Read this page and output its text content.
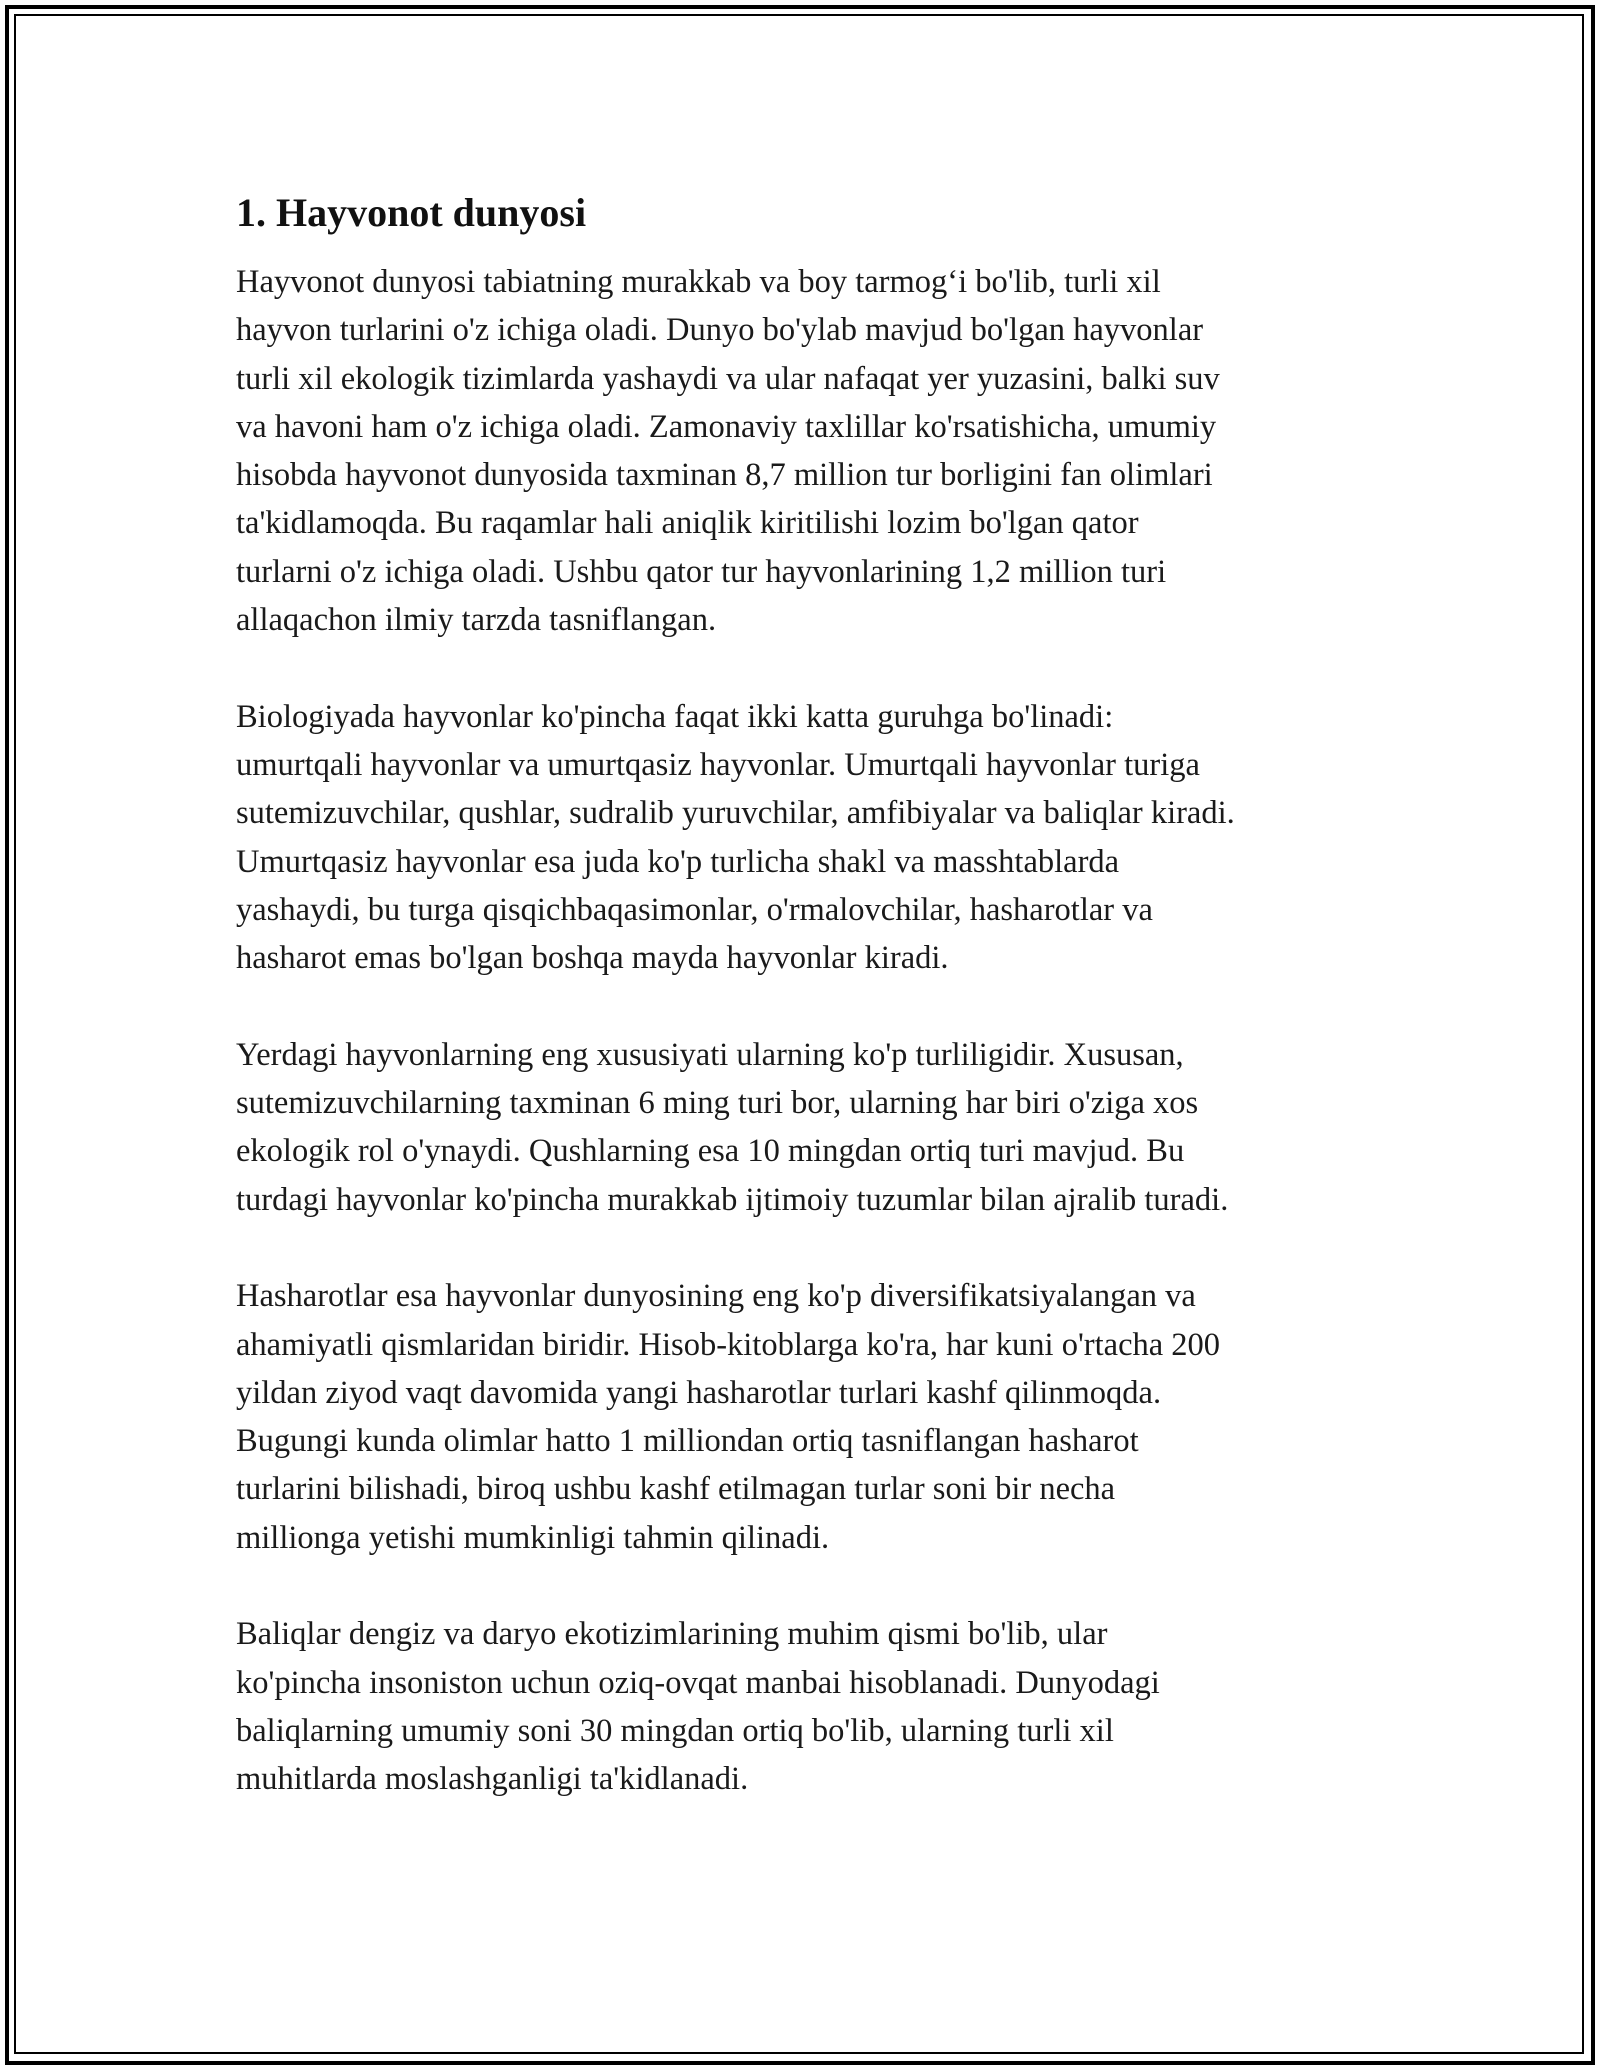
1. Hayvonot dunyosi

Hayvonot dunyosi tabiatning murakkab va boy tarmog‘i bo'lib, turli xil
hayvon turlarini o'z ichiga oladi. Dunyo bo'ylab mavjud bo'lgan hayvonlar
turli xil ekologik tizimlarda yashaydi va ular nafaqat yer yuzasini, balki suv
va havoni ham o'z ichiga oladi. Zamonaviy taxlillar ko'rsatishicha, umumiy
hisobda hayvonot dunyosida taxminan 8,7 million tur borligini fan olimlari
ta'kidlamoqda. Bu raqamlar hali aniqlik kiritilishi lozim bo'lgan qator
turlarni o'z ichiga oladi. Ushbu qator tur hayvonlarining 1,2 million turi
allaqachon ilmiy tarzda tasniflangan.

Biologiyada hayvonlar ko'pincha faqat ikki katta guruhga bo'linadi:
umurtqali hayvonlar va umurtqasiz hayvonlar. Umurtqali hayvonlar turiga
sutemizuvchilar, qushlar, sudralib yuruvchilar, amfibiyalar va baliqlar kiradi.
Umurtqasiz hayvonlar esa juda ko'p turlicha shakl va masshtablarda
yashaydi, bu turga qisqichbaqasimonlar, o'rmalovchilar, hasharotlar va
hasharot emas bo'lgan boshqa mayda hayvonlar kiradi.

Yerdagi hayvonlarning eng xususiyati ularning ko'p turliligidir. Xususan,
sutemizuvchilarning taxminan 6 ming turi bor, ularning har biri o'ziga xos
ekologik rol o'ynaydi. Qushlarning esa 10 mingdan ortiq turi mavjud. Bu
turdagi hayvonlar ko'pincha murakkab ijtimoiy tuzumlar bilan ajralib turadi.

Hasharotlar esa hayvonlar dunyosining eng ko'p diversifikatsiyalangan va
ahamiyatli qismlaridan biridir. Hisob-kitoblarga ko'ra, har kuni o'rtacha 200
yildan ziyod vaqt davomida yangi hasharotlar turlari kashf qilinmoqda.
Bugungi kunda olimlar hatto 1 milliondan ortiq tasniflangan hasharot
turlarini bilishadi, biroq ushbu kashf etilmagan turlar soni bir necha
millionga yetishi mumkinligi tahmin qilinadi.

Baliqlar dengiz va daryo ekotizimlarining muhim qismi bo'lib, ular
ko'pincha insoniston uchun oziq-ovqat manbai hisoblanadi. Dunyodagi
baliqlarning umumiy soni 30 mingdan ortiq bo'lib, ularning turli xil
muhitlarda moslashganligi ta'kidlanadi.
